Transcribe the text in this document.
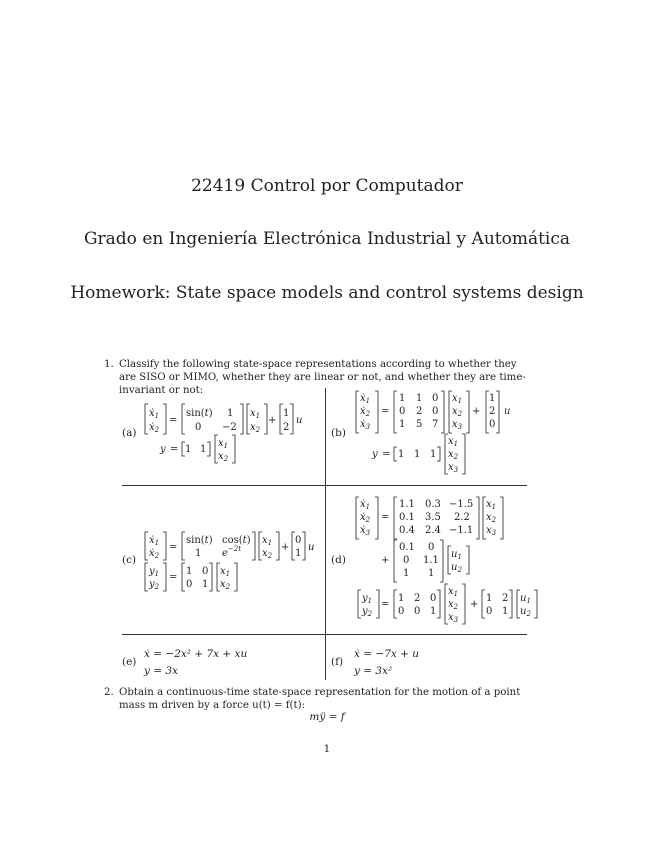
22419 Control por Computador
Grado en Ingeniería Electrónica Industrial y Automática
Homework: State space models and control systems design
1. Classify the following state-space representations according to whether they are SISO or MIMO, whether they are linear or not, and whether they are time-invariant or not:
(a)	(b)
(c)	(d)
(e)	(f)
ẋ$_1$
ẋ$_2$
=
sin(t) 1
0 −2
$x_1$
$x_2$
+
1
2
u
y = 1 1
$x_1$
$x_2$
ẋ$_1$
ẋ$_2$
ẋ$_3$
=
1 1 0
0 2 0
1 5 7
$x_1$
$x_2$
$x_3$
+
1
2
0
u
y = 1 1 1
$x_1$
$x_2$
$x_3$
ẋ$_1$
ẋ$_2$
=
sin(t) cos(t)
1 $e^{-2t}$
$x_1$
$x_2$
+
0
1
u
$y_1$
$y_2$
=
1 0
0 1
$x_1$
$x_2$
ẋ$_1$
ẋ$_2$
ẋ$_3$
=
1.1 0.3 −1.5
0.1 3.5 2.2
0.4 2.4 −1.1
$x_1$
$x_2$
$x_3$
+
0.1 0
0 1.1
1 1
$u_1$
$u_2$
$y_1$
$y_2$
=
1 2 0
0 0 1
$x_1$
$x_2$
$x_3$
+
1 2
0 1
$u_1$
$u_2$
ẋ = −2x² + 7x + xu
y = 3x
ẋ = −7x + u
y = 3x²
2. Obtain a continuous-time state-space representation for the motion of a point mass m driven by a force u(t) = f(t):
mÿ = f
1
